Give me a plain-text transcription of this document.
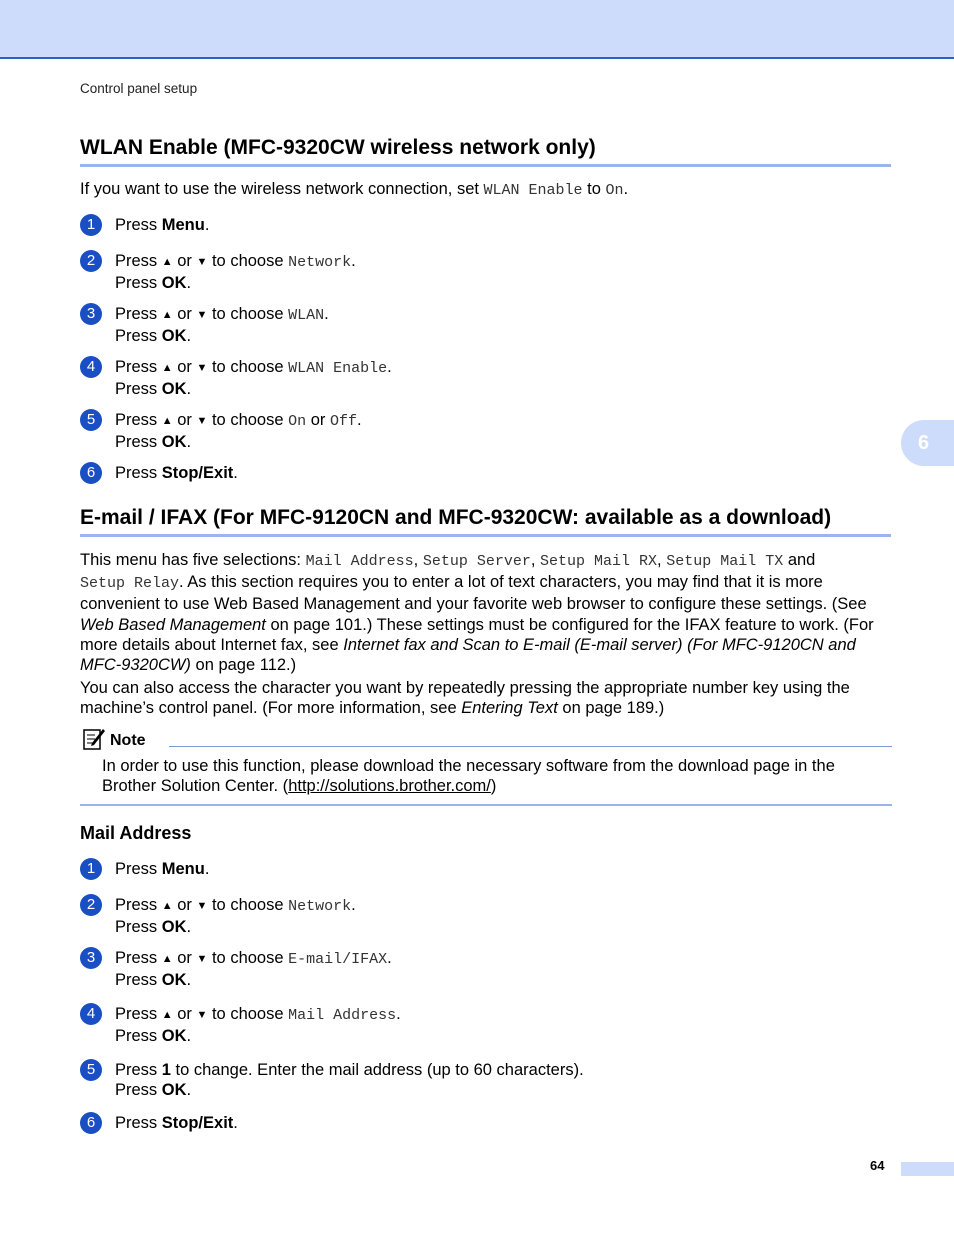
Control panel setup
6
WLAN Enable (MFC-9320CW wireless network only)
If you want to use the wireless network connection, set WLAN Enable to On.
1	Press Menu.
2	Press ▲ or ▼ to choose Network.
Press OK.
3	Press ▲ or ▼ to choose WLAN.
Press OK.
4	Press ▲ or ▼ to choose WLAN Enable.
Press OK.
5	Press ▲ or ▼ to choose On or Off.
Press OK.
6	Press Stop/Exit.
E-mail / IFAX (For MFC-9120CN and MFC-9320CW: available as a download)
This menu has five selections: Mail Address, Setup Server, Setup Mail RX, Setup Mail TX and
Setup Relay. As this section requires you to enter a lot of text characters, you may find that it is more
convenient to use Web Based Management and your favorite web browser to configure these settings. (See
Web Based Management on page 101.) These settings must be configured for the IFAX feature to work. (For
more details about Internet fax, see Internet fax and Scan to E-mail (E-mail server) (For MFC-9120CN and
MFC-9320CW) on page 112.)
You can also access the character you want by repeatedly pressing the appropriate number key using the
machine’s control panel. (For more information, see Entering Text on page 189.)
Note
In order to use this function, please download the necessary software from the download page in the
Brother Solution Center. (http://solutions.brother.com/)
Mail Address
1	Press Menu.
2	Press ▲ or ▼ to choose Network.
Press OK.
3	Press ▲ or ▼ to choose E-mail/IFAX.
Press OK.
4	Press ▲ or ▼ to choose Mail Address.
Press OK.
5	Press 1 to change. Enter the mail address (up to 60 characters).
Press OK.
6	Press Stop/Exit.
64
